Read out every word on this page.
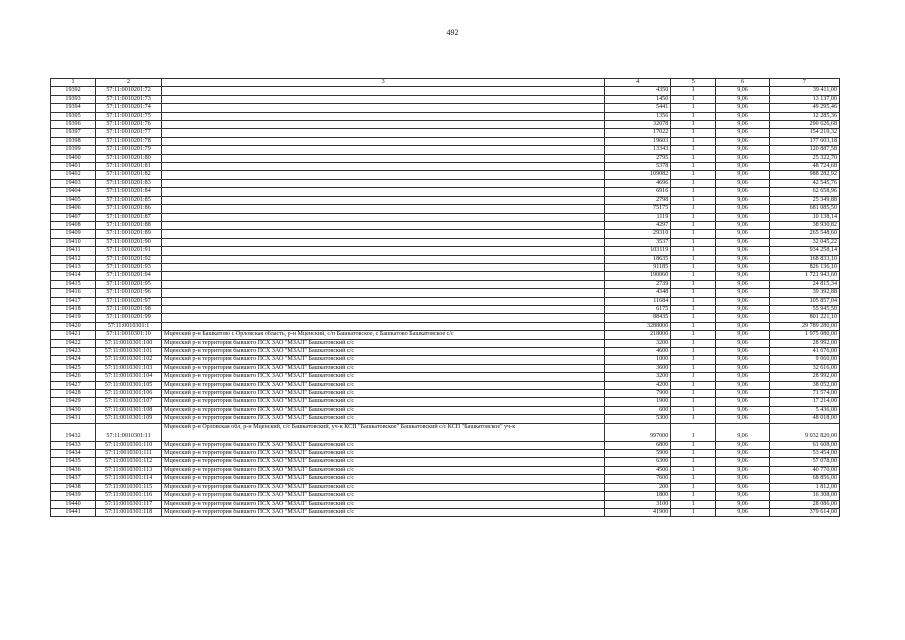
492
1	2	3	4	5	6	7
19392	57:11:0010201:72		4350	1	9,06	39 411,00
19393	57:11:0010201:73		1450	1	9,06	13 137,00
19394	57:11:0010201:74		5441	1	9,06	49 295,46
19395	57:11:0010201:75		1356	1	9,06	12 285,36
19396	57:11:0010201:76		32078	1	9,06	290 626,68
19397	57:11:0010201:77		17022	1	9,06	154 219,32
19398	57:11:0010201:78		19603	1	9,06	177 603,18
19399	57:11:0010201:79		13343	1	9,06	120 887,58
19400	57:11:0010201:80		2795	1	9,06	25 322,70
19401	57:11:0010201:81		5378	1	9,06	48 724,68
19402	57:11:0010201:82		109082	1	9,06	988 282,92
19403	57:11:0010201:83		4696	1	9,06	42 545,76
19404	57:11:0010201:84		6916	1	9,06	62 658,96
19405	57:11:0010201:85		2798	1	9,06	25 349,88
19406	57:11:0010201:86		75175	1	9,06	681 085,50
19407	57:11:0010201:87		1119	1	9,06	10 138,14
19408	57:11:0010201:88		4297	1	9,06	38 930,82
19409	57:11:0010201:89		29310	1	9,06	265 548,60
19410	57:11:0010201:90		3537	1	9,06	32 045,22
19411	57:11:0010201:91		103119	1	9,06	934 258,14
19412	57:11:0010201:92		18635	1	9,06	168 833,10
19413	57:11:0010201:93		91185	1	9,06	826 136,10
19414	57:11:0010201:94		190060	1	9,06	1 721 943,60
19415	57:11:0010201:95		2739	1	9,06	24 815,34
19416	57:11:0010201:96		4348	1	9,06	39 392,88
19417	57:11:0010201:97		11684	1	9,06	105 857,04
19418	57:11:0010201:98		6175	1	9,06	55 945,50
19419	57:11:0010201:99		88435	1	9,06	801 221,10
19420	57:11:0010301:1		3288000	1	9,06	29 789 280,00
19421	57:11:0010301:10	Мценский р-н Башкатово с Орловская область, р-н Мценский, с/п Башкатовское, с Башкатово Башкатовское с/с	218000	1	9,06	1 975 080,00
19422	57:11:0010301:100	Мценский р-н территория бывшего ПСХ ЗАО "МЗАЛ" Башкатовский с/с	3200	1	9,06	28 992,00
19423	57:11:0010301:101	Мценский р-н территория бывшего ПСХ ЗАО "МЗАЛ" Башкатовский с/с	4600	1	9,06	41 676,00
19424	57:11:0010301:102	Мценский р-н территория бывшего ПСХ ЗАО "МЗАЛ" Башкатовский с/с	1000	1	9,06	9 060,00
19425	57:11:0010301:103	Мценский р-н территория бывшего ПСХ ЗАО "МЗАЛ" Башкатовский с/с	3600	1	9,06	32 616,00
19426	57:11:0010301:104	Мценский р-н территория бывшего ПСХ ЗАО "МЗАЛ" Башкатовский с/с	3200	1	9,06	28 992,00
19427	57:11:0010301:105	Мценский р-н территория бывшего ПСХ ЗАО "МЗАЛ" Башкатовский с/с	4200	1	9,06	38 052,00
19428	57:11:0010301:106	Мценский р-н территория бывшего ПСХ ЗАО "МЗАЛ" Башкатовский с/с	7900	1	9,06	71 574,00
19429	57:11:0010301:107	Мценский р-н территория бывшего ПСХ ЗАО "МЗАЛ" Башкатовский с/с	1900	1	9,06	17 214,00
19430	57:11:0010301:108	Мценский р-н территория бывшего ПСХ ЗАО "МЗАЛ" Башкатовский с/с	600	1	9,06	5 436,00
19431	57:11:0010301:109	Мценский р-н территория бывшего ПСХ ЗАО "МЗАЛ" Башкатовский с/с	5300	1	9,06	48 018,00
19432	57:11:0010301:11	Мценский р-н Орловская обл, р-н Мценский, с/с Башкатовский, уч-к КСП "Башкатовское" Башкатовский с/с КСП "Башкатовское" уч-к	997000	1	9,06	9 032 820,00
19433	57:11:0010301:110	Мценский р-н территория бывшего ПСХ ЗАО "МЗАЛ" Башкатовский с/с	6800	1	9,06	61 608,00
19434	57:11:0010301:111	Мценский р-н территория бывшего ПСХ ЗАО "МЗАЛ" Башкатовский с/с	5900	1	9,06	53 454,00
19435	57:11:0010301:112	Мценский р-н территория бывшего ПСХ ЗАО "МЗАЛ" Башкатовский с/с	6300	1	9,06	57 078,00
19436	57:11:0010301:113	Мценский р-н территория бывшего ПСХ ЗАО "МЗАЛ" Башкатовский с/с	4500	1	9,06	40 770,00
19437	57:11:0010301:114	Мценский р-н территория бывшего ПСХ ЗАО "МЗАЛ" Башкатовский с/с	7600	1	9,06	68 856,00
19438	57:11:0010301:115	Мценский р-н территория бывшего ПСХ ЗАО "МЗАЛ" Башкатовский с/с	200	1	9,06	1 812,00
19439	57:11:0010301:116	Мценский р-н территория бывшего ПСХ ЗАО "МЗАЛ" Башкатовский с/с	1800	1	9,06	16 308,00
19440	57:11:0010301:117	Мценский р-н территория бывшего ПСХ ЗАО "МЗАЛ" Башкатовский с/с	3100	1	9,06	28 086,00
19441	57:11:0010301:118	Мценский р-н территория бывшего ПСХ ЗАО "МЗАЛ" Башкатовский с/с	41900	1	9,06	379 614,00
